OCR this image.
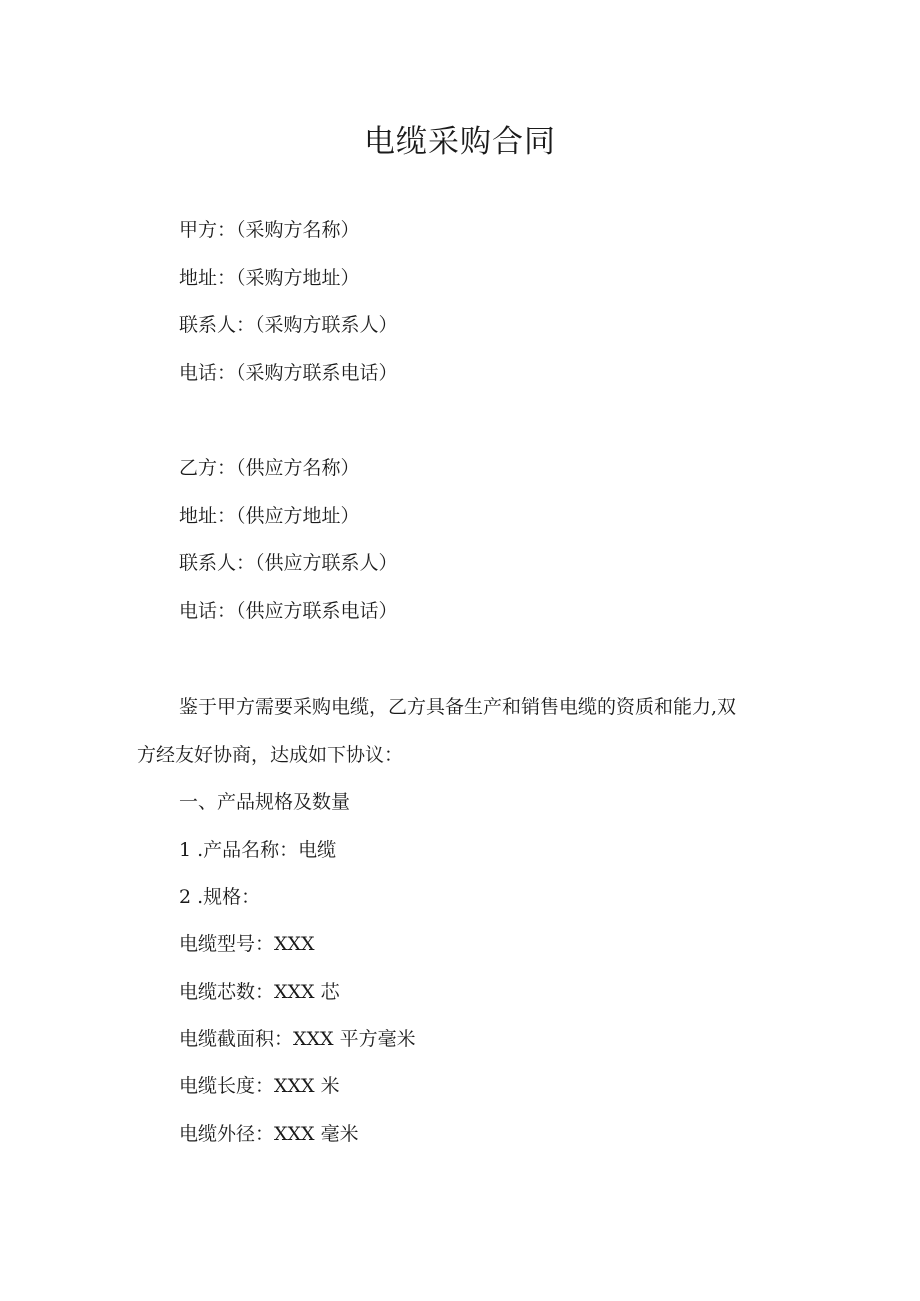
电缆采购合同

甲方：（采购方名称）

地址：（采购方地址）

联系人：（采购方联系人）

电话：（采购方联系电话）

乙方：（供应方名称）

地址：（供应方地址）

联系人：（供应方联系人）

电话：（供应方联系电话）

鉴于甲方需要采购电缆，乙方具备生产和销售电缆的资质和能力,双

方经友好协商，达成如下协议：

一、产品规格及数量

1 .产品名称：电缆

2 .规格：

电缆型号：XXX

电缆芯数：XXX 芯

电缆截面积：XXX 平方毫米

电缆长度：XXX 米

电缆外径：XXX 毫米
